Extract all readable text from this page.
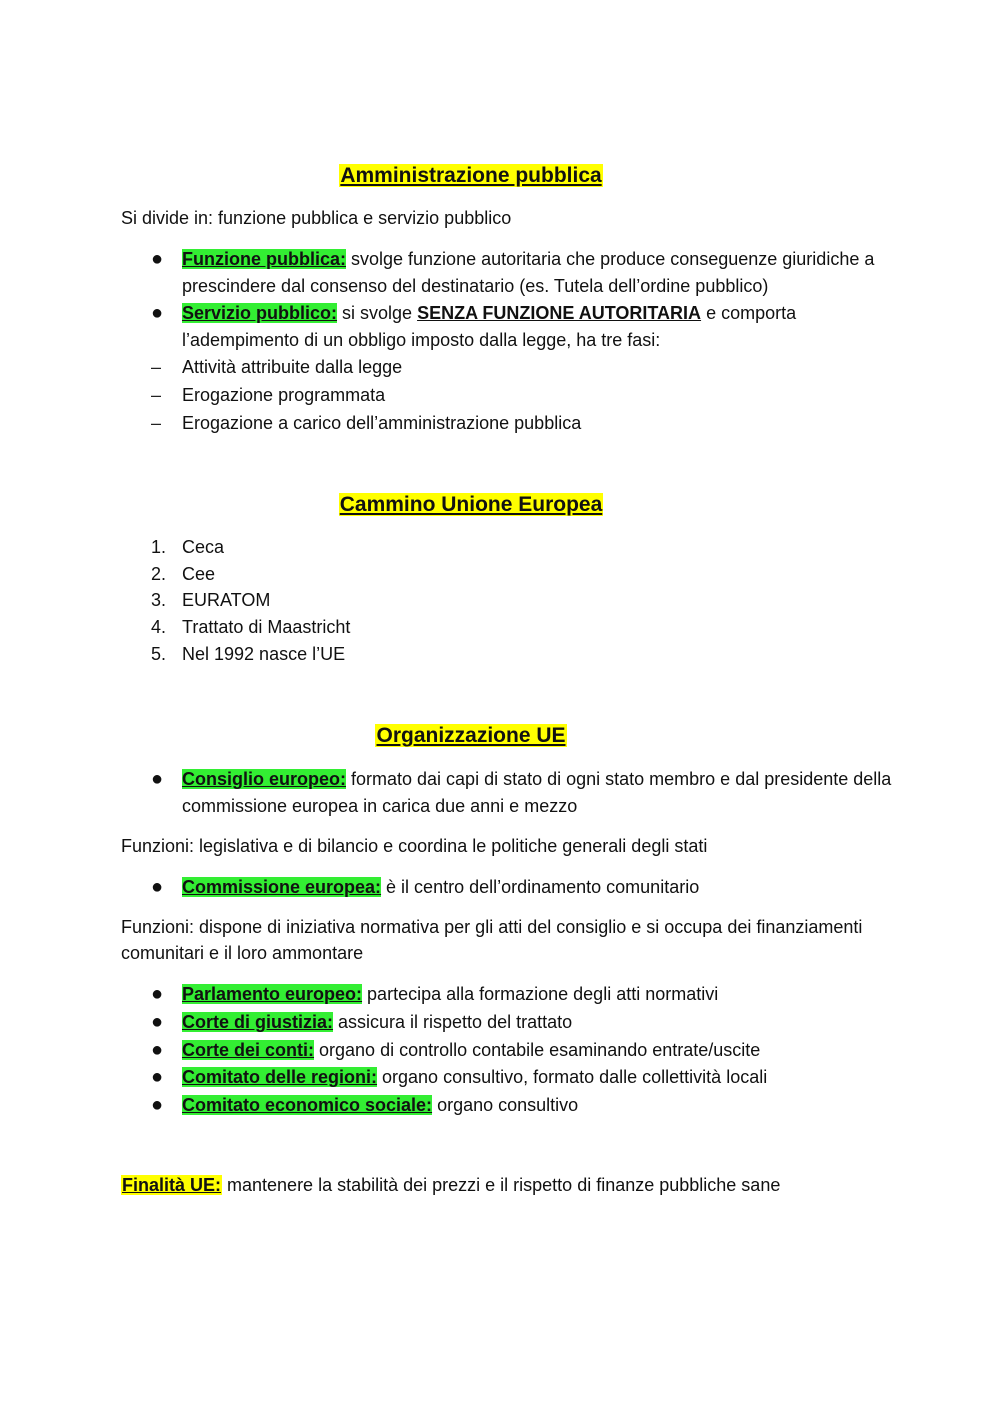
Amministrazione pubblica
Si divide in: funzione pubblica e servizio pubblico
●	Funzione pubblica: svolge funzione autoritaria che produce conseguenze giuridiche a prescindere dal consenso del destinatario (es. Tutela dell’ordine pubblico)
●	Servizio pubblico: si svolge SENZA FUNZIONE AUTORITARIA e comporta l’adempimento di un obbligo imposto dalla legge, ha tre fasi:
–	Attività attribuite dalla legge
–	Erogazione programmata
–	Erogazione a carico dell’amministrazione pubblica
Cammino Unione Europea
1. Ceca
2. Cee
3. EURATOM
4. Trattato di Maastricht
5. Nel 1992 nasce l’UE
Organizzazione UE
●	Consiglio europeo: formato dai capi di stato di ogni stato membro e dal presidente della commissione europea in carica due anni e mezzo
Funzioni: legislativa e di bilancio e coordina le politiche generali degli stati
●	Commissione europea: è il centro dell’ordinamento comunitario
Funzioni: dispone di iniziativa normativa per gli atti del consiglio e si occupa dei finanziamenti comunitari e il loro ammontare
●	Parlamento europeo: partecipa alla formazione degli atti normativi
●	Corte di giustizia: assicura il rispetto del trattato
●	Corte dei conti: organo di controllo contabile esaminando entrate/uscite
●	Comitato delle regioni: organo consultivo, formato dalle collettività locali
●	Comitato economico sociale: organo consultivo
Finalità UE: mantenere la stabilità dei prezzi e il rispetto di finanze pubbliche sane
